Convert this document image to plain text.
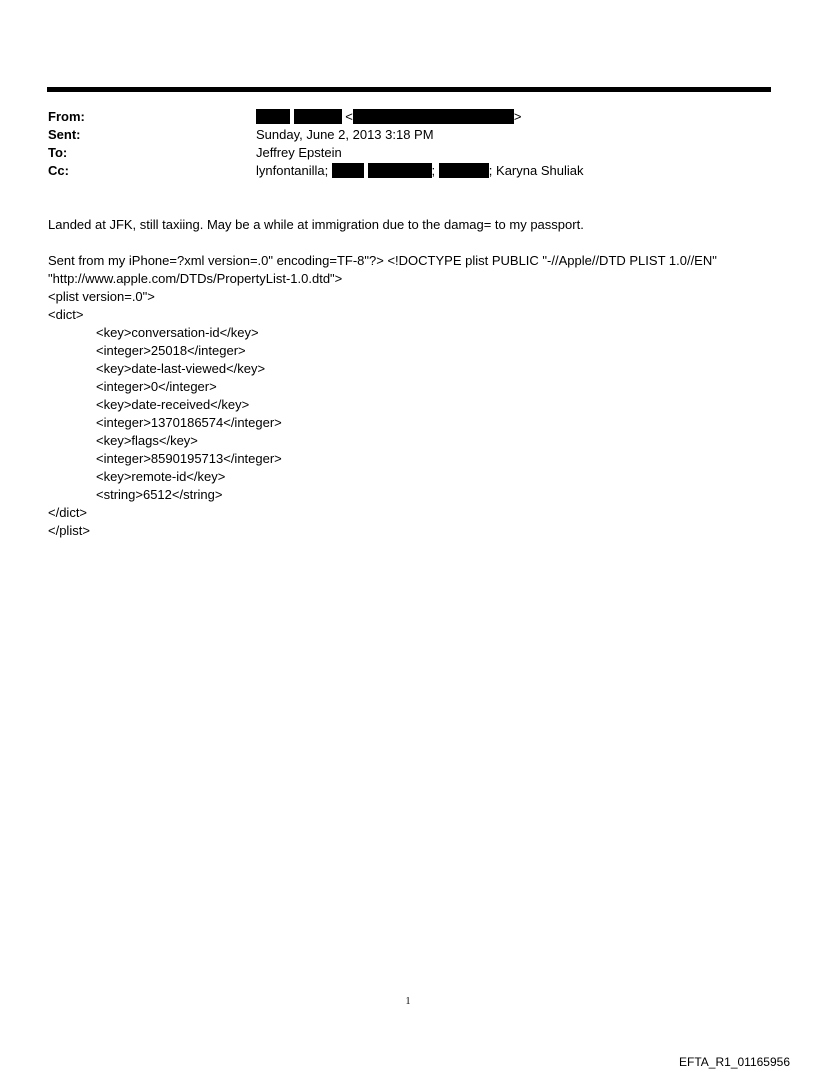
From:	<	>
Sent:	Sunday, June 2, 2013 3:18 PM
To:	Jeffrey Epstein
Cc:	lynfontanilla;	;	; Karyna Shuliak

Landed at JFK, still taxiing. May be a while at immigration due to the damag= to my passport.

Sent from my iPhone=?xml version=.0" encoding=TF-8"?> <!DOCTYPE plist PUBLIC "-//Apple//DTD PLIST 1.0//EN"

"http://www.apple.com/DTDs/PropertyList-1.0.dtd">

<plist version=.0">

<dict>

<key>conversation-id</key>

<integer>25018</integer>

<key>date-last-viewed</key>

<integer>0</integer>

<key>date-received</key>

<integer>1370186574</integer>

<key>flags</key>

<integer>8590195713</integer>

<key>remote-id</key>

<string>6512</string>

</dict>

</plist>

1
EFTA_R1_01165956
